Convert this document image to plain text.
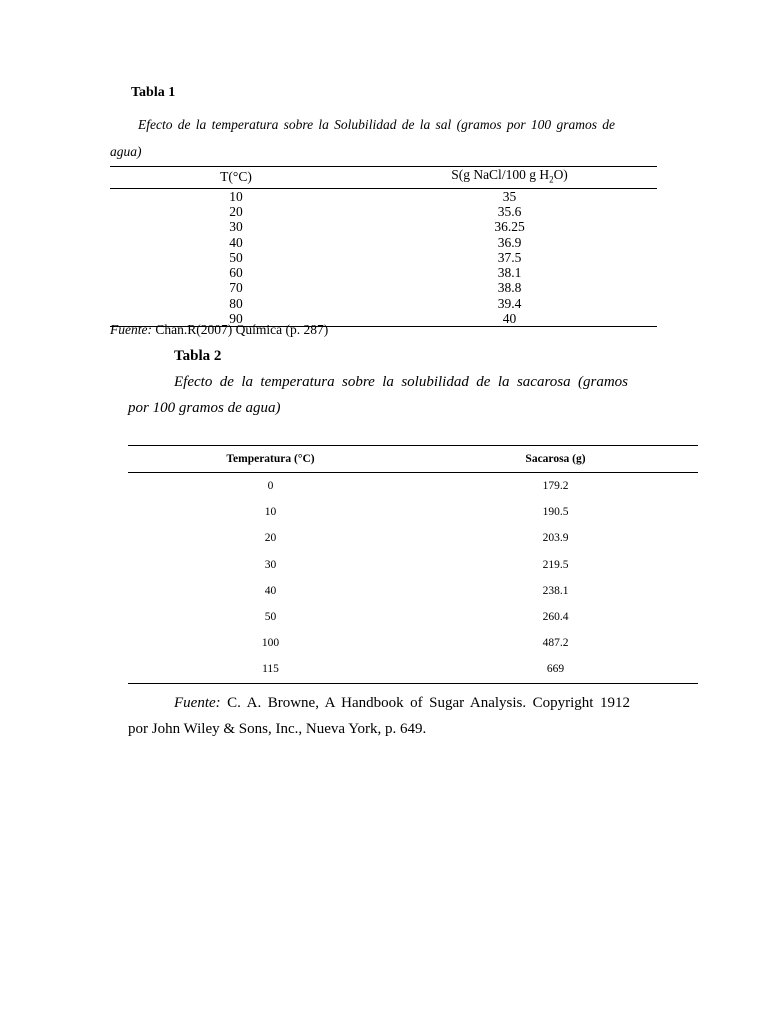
Tabla 1
Efecto de la temperatura sobre la Solubilidad de la sal (gramos por 100 gramos de
agua)
T(°C)	S(g NaCl/100 g $H_2O$)
10	35
20	35.6
30	36.25
40	36.9
50	37.5
60	38.1
70	38.8
80	39.4
90	40
Fuente: Chan.R(2007) Química (p. 287)
Tabla 2
Efecto de la temperatura sobre la solubilidad de la sacarosa (gramos
por 100 gramos de agua)
Temperatura (°C)	Sacarosa (g)
0	179.2
10	190.5
20	203.9
30	219.5
40	238.1
50	260.4
100	487.2
115	669
Fuente: C. A. Browne, A Handbook of Sugar Analysis. Copyright 1912
por John Wiley & Sons, Inc., Nueva York, p. 649.
